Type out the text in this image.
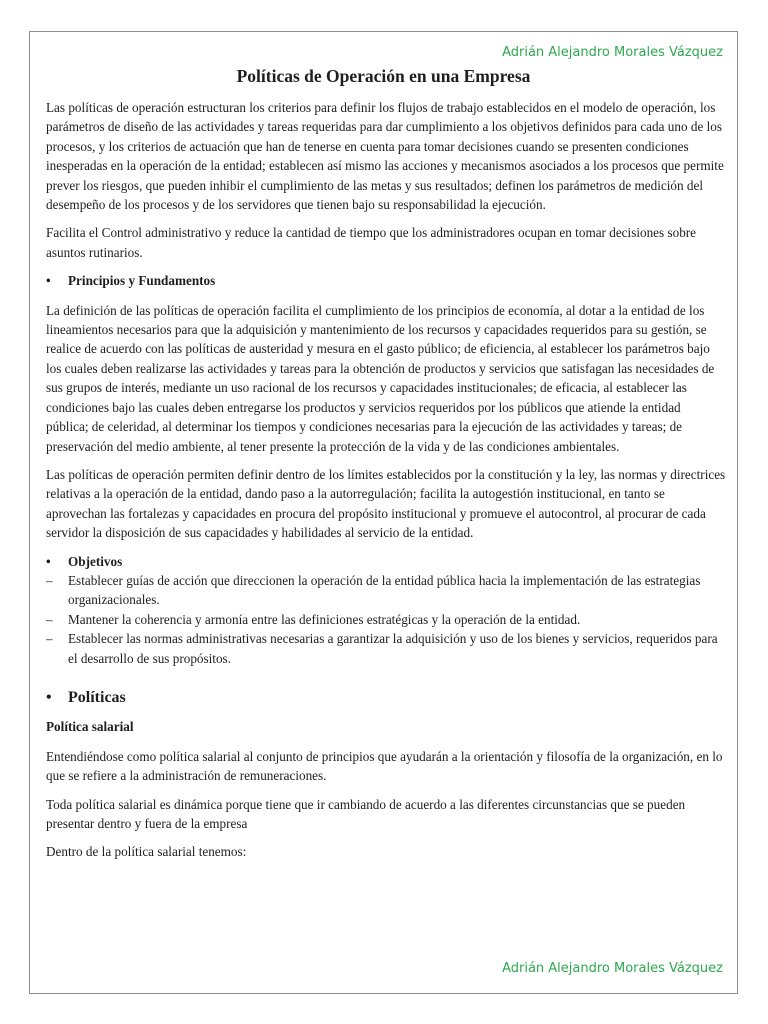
Adrián Alejandro Morales Vázquez
Políticas de Operación en una Empresa

Las políticas de operación estructuran los criterios para definir los flujos de trabajo establecidos en el modelo de operación, los parámetros de diseño de las actividades y tareas requeridas para dar cumplimiento a los objetivos definidos para cada uno de los procesos, y los criterios de actuación que han de tenerse en cuenta para tomar decisiones cuando se presenten condiciones inesperadas en la operación de la entidad; establecen así mismo las acciones y mecanismos asociados a los procesos que permite prever los riesgos, que pueden inhibir el cumplimiento de las metas y sus resultados; definen los parámetros de medición del desempeño de los procesos y de los servidores que tienen bajo su responsabilidad la ejecución.

Facilita el Control administrativo y reduce la cantidad de tiempo que los administradores ocupan en tomar decisiones sobre asuntos rutinarios.

•	Principios y Fundamentos

La definición de las políticas de operación facilita el cumplimiento de los principios de economía, al dotar a la entidad de los lineamientos necesarios para que la adquisición y mantenimiento de los recursos y capacidades requeridos para su gestión, se realice de acuerdo con las políticas de austeridad y mesura en el gasto público; de eficiencia, al establecer los parámetros bajo los cuales deben realizarse las actividades y tareas para la obtención de productos y servicios que satisfagan las necesidades de sus grupos de interés, mediante un uso racional de los recursos y capacidades institucionales; de eficacia, al establecer las condiciones bajo las cuales deben entregarse los productos y servicios requeridos por los públicos que atiende la entidad pública; de celeridad, al determinar los tiempos y condiciones necesarias para la ejecución de las actividades y tareas; de preservación del medio ambiente, al tener presente la protección de la vida y de las condiciones ambientales.

Las políticas de operación permiten definir dentro de los límites establecidos por la constitución y la ley, las normas y directrices relativas a la operación de la entidad, dando paso a la autorregulación; facilita la autogestión institucional, en tanto se aprovechan las fortalezas y capacidades en procura del propósito institucional y promueve el autocontrol, al procurar de cada servidor la disposición de sus capacidades y habilidades al servicio de la entidad.

•	Objetivos
–	Establecer guías de acción que direccionen la operación de la entidad pública hacia la implementación de las estrategias organizacionales.
–	Mantener la coherencia y armonía entre las definiciones estratégicas y la operación de la entidad.
–	Establecer las normas administrativas necesarias a garantizar la adquisición y uso de los bienes y servicios, requeridos para el desarrollo de sus propósitos.
•	Políticas
Política salarial

Entendiéndose como política salarial al conjunto de principios que ayudarán a la orientación y filosofía de la organización, en lo que se refiere a la administración de remuneraciones.

Toda política salarial es dinámica porque tiene que ir cambiando de acuerdo a las diferentes circunstancias que se pueden presentar dentro y fuera de la empresa

Dentro de la política salarial tenemos:

Adrián Alejandro Morales Vázquez
